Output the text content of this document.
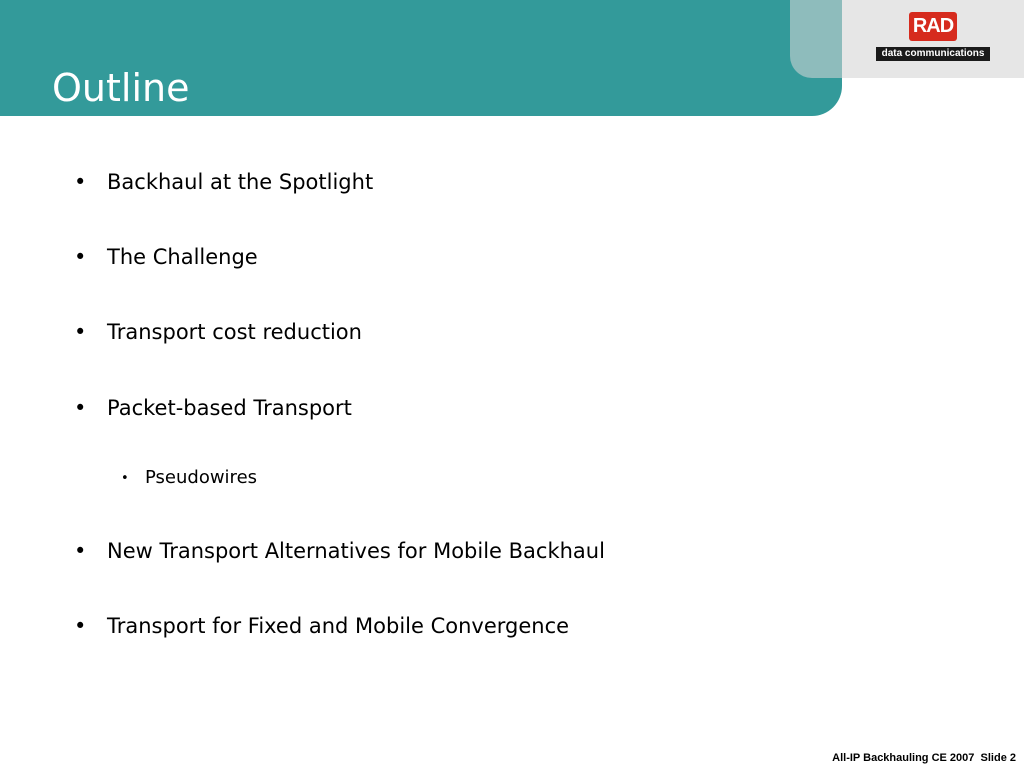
Outline
RAD
data communications
• Backhaul at the Spotlight
• The Challenge
• Transport cost reduction
• Packet-based Transport
• Pseudowires
• New Transport Alternatives for Mobile Backhaul
• Transport for Fixed and Mobile Convergence
All-IP Backhauling CE 2007 Slide 2
